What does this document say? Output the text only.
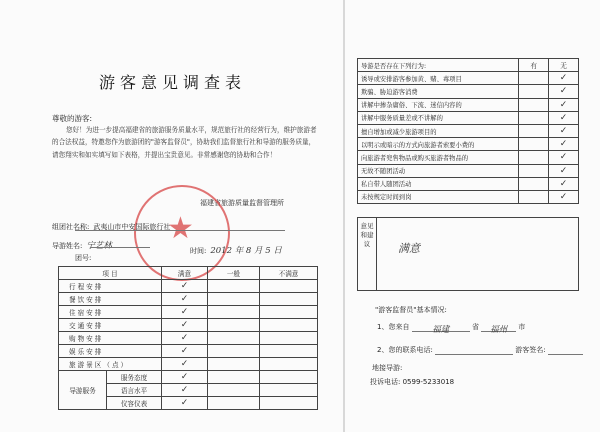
游客意见调查表
尊敬的游客:
您好！为进一步提高福建省的旅游服务质量水平，规范旅行社的经营行为，维护旅游者的合法权益，特邀您作为旅游团的"游客监督员"，协助我们监督旅行社和导游的服务质量，请您翔实和如实填写如下表格，并提出宝贵意见。非常感谢您的协助和合作！
福建省旅游质量监督管理所
★
组团社名称: 武夷山市中安国际旅行社
导游姓名: 宁艺林
团号:
时间: 2012 年 8 月 5 日
项 目		满意	一般	不满意
行程安排		✓		
餐饮安排		✓		
住宿安排		✓		
交通安排		✓		
购物安排		✓		
娱乐安排		✓		
旅游景区（点）		✓		
导游服务	服务态度	✓		
	语言水平	✓		
	仪容仪表	✓		
导游是否存在下列行为:	有	无
诱导或安排游客参加黄、赌、毒项目		✓
欺骗、胁迫游客消费		✓
讲解中掺杂庸俗、下流、迷信内容的		✓
讲解中服务质量差或不讲解的		✓
擅自增加或减少旅游项目的		✓
以明示或暗示的方式向旅游者索要小费的		✓
向旅游者兜售物品或购买旅游者物品的		✓
无故不随团活动		✓
私自带人随团活动		✓
未按规定时间到岗		✓
意见和建议	满意
"游客监督员"基本情况:
1、您来自	福建	省 福州 市
2、您的联系电话:	游客签名:
地接导游:
投诉电话: 0599-5233018
